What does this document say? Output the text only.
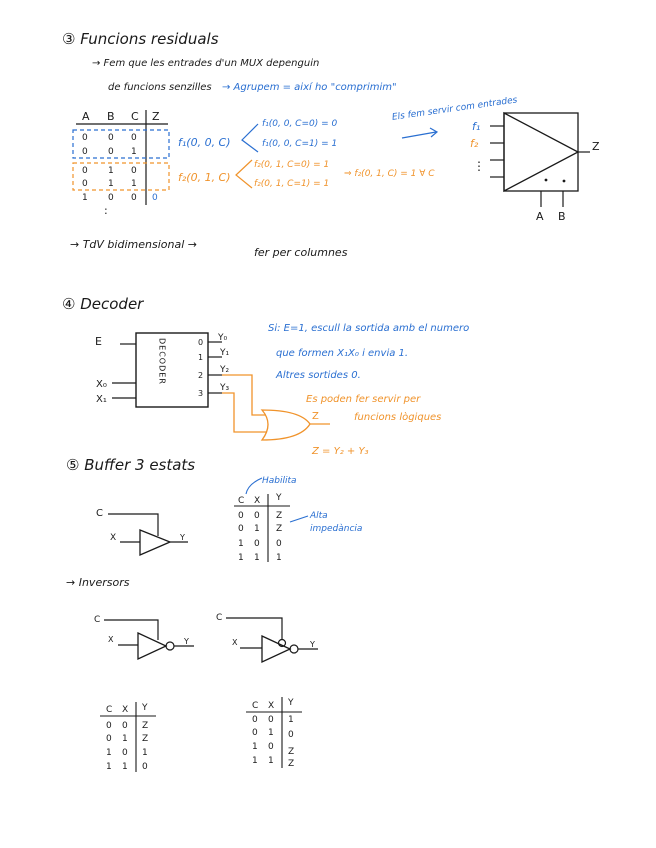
③ Funcions residuals
→ Fem que les entrades d'un MUX depenguin
de funcions senzilles → Agrupem = així ho "comprimim"
A B C Z
0 0 0
0 0 1
0 1 0
0 1 1
1 0 0 0
:
f₁(0, 0, C)
f₁(0, 0, C=0) = 0
f₁(0, 0, C=1) = 1
f₂(0, 1, C)
f₂(0, 1, C=0) = 1
f₂(0, 1, C=1) = 1
⇒ f₂(0, 1, C) = 1 ∀ C
Els fem servir com entrades
f₁
f₂
⋮
Z
A B
→ TdV bidimensional →
fer per columnes
④ Decoder
E
X₀
X₁
DECODER	0
1
2
3
Y₀
Y₁
Y₂
Y₃
Z
Si: E=1, escull la sortida amb el numero
que formen X₁X₀ i envia 1.
Altres sortides 0.
Es poden fer servir per
funcions lògiques
Z = Y₂ + Y₃
⑤ Buffer 3 estats
C
X	Y
Habilita
C X Y
0 0 Z
0 1 Z
1 0 0
1 1 1
Alta
impedància
→ Inversors
C
X	Y
C
X	Y
C X Y
0 0 Z
0 1 Z
1 0 1
1 1 0
C X Y
0 0 1
0 1 0
1 0 Z
1 1 Z
